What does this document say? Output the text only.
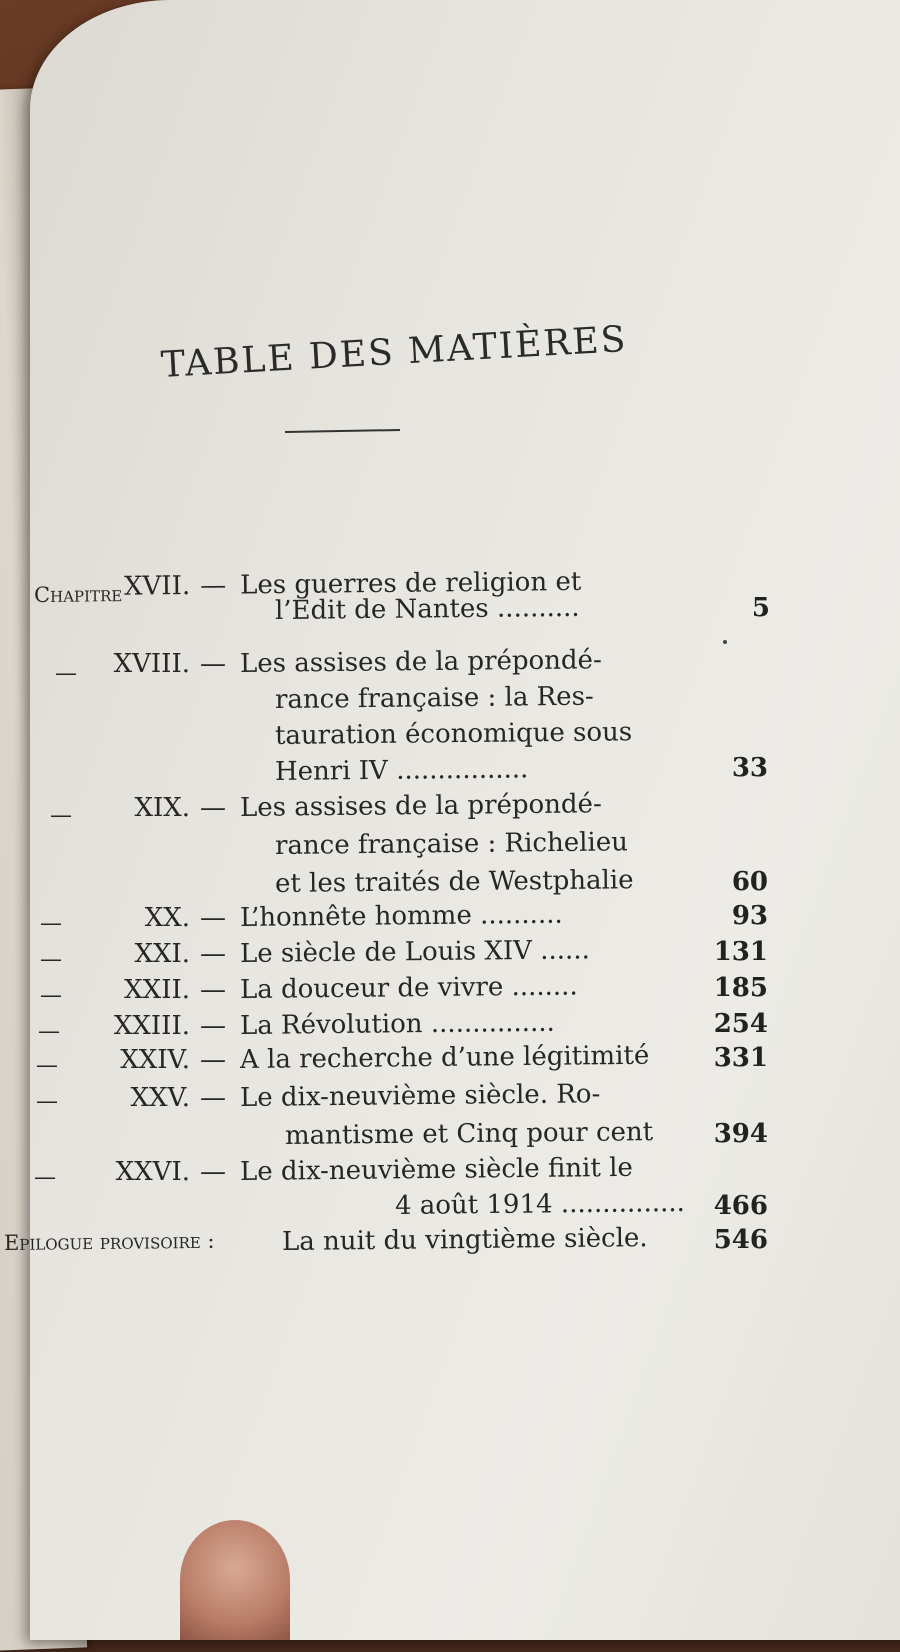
TABLE DES MATIÈRES
Chapitre XVII. — Les guerres de religion et
l’Edit de Nantes ..........	5
—	XVIII. — Les assises de la prépondé-
rance française : la Res-
tauration économique sous
Henri IV ................	33
—	XIX. — Les assises de la prépondé-
rance française : Richelieu
et les traités de Westphalie	60
—	XX. — L’honnête homme ..........	93
—	XXI. — Le siècle de Louis XIV ......	131
—	XXII. — La douceur de vivre ........	185
—	XXIII. — La Révolution ...............	254
—	XXIV. — A la recherche d’une légitimité	331
—	XXV. — Le dix-neuvième siècle. Ro-
mantisme et Cinq pour cent	394
—	XXVI. — Le dix-neuvième siècle finit le
4 août 1914 ...............	466
Epilogue provisoire :	La nuit du vingtième siècle.	546
